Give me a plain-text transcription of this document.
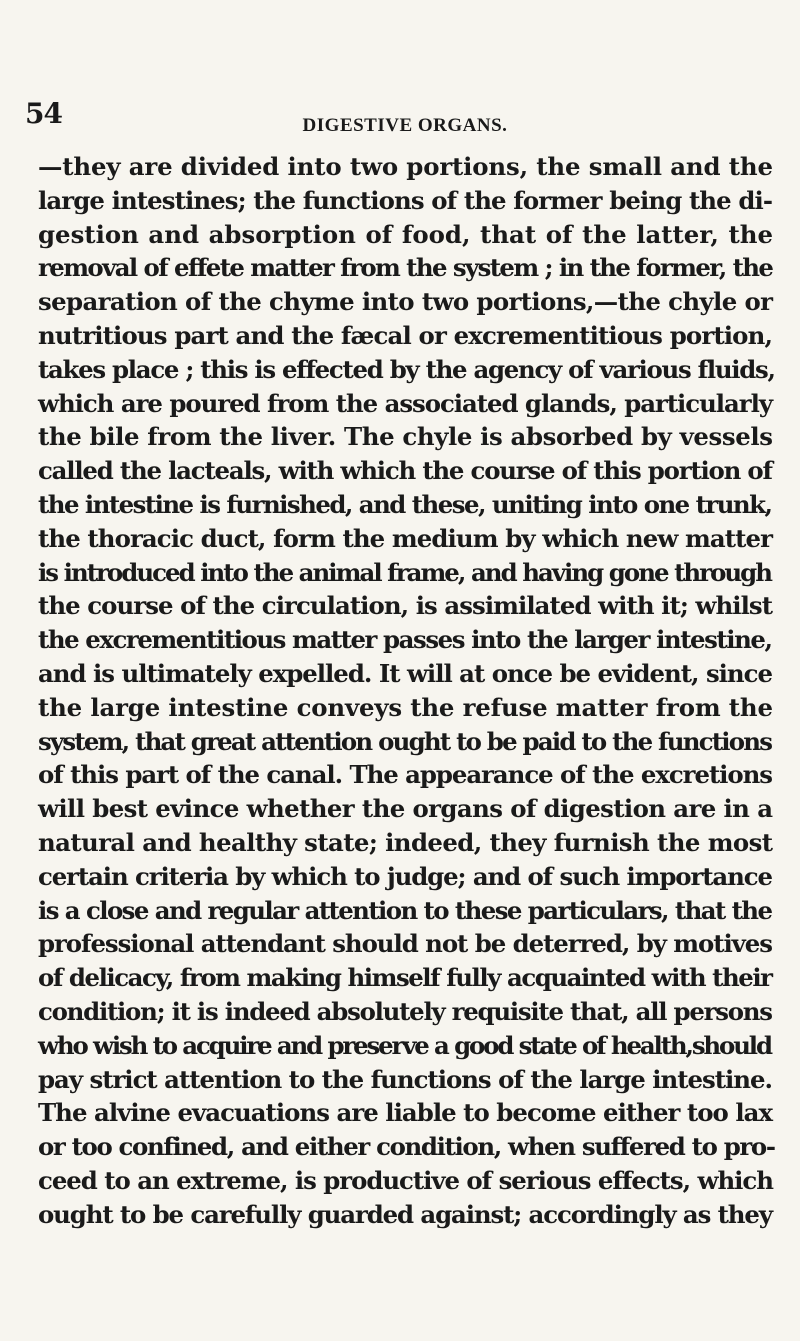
54	DIGESTIVE ORGANS.
—they are divided into two portions, the small and the
large intestines; the functions of the former being the di-
gestion and absorption of food, that of the latter, the
removal of effete matter from the system ; in the former, the
separation of the chyme into two portions,—the chyle or
nutritious part and the fæcal or excrementitious portion,
takes place ; this is effected by the agency of various fluids,
which are poured from the associated glands, particularly
the bile from the liver. The chyle is absorbed by vessels
called the lacteals, with which the course of this portion of
the intestine is furnished, and these, uniting into one trunk,
the thoracic duct, form the medium by which new matter
is introduced into the animal frame, and having gone through
the course of the circulation, is assimilated with it; whilst
the excrementitious matter passes into the larger intestine,
and is ultimately expelled. It will at once be evident, since
the large intestine conveys the refuse matter from the
system, that great attention ought to be paid to the functions
of this part of the canal. The appearance of the excretions
will best evince whether the organs of digestion are in a
natural and healthy state; indeed, they furnish the most
certain criteria by which to judge; and of such importance
is a close and regular attention to these particulars, that the
professional attendant should not be deterred, by motives
of delicacy, from making himself fully acquainted with their
condition; it is indeed absolutely requisite that, all persons
who wish to acquire and preserve a good state of health,should
pay strict attention to the functions of the large intestine.
The alvine evacuations are liable to become either too lax
or too confined, and either condition, when suffered to pro-
ceed to an extreme, is productive of serious effects, which
ought to be carefully guarded against; accordingly as they
